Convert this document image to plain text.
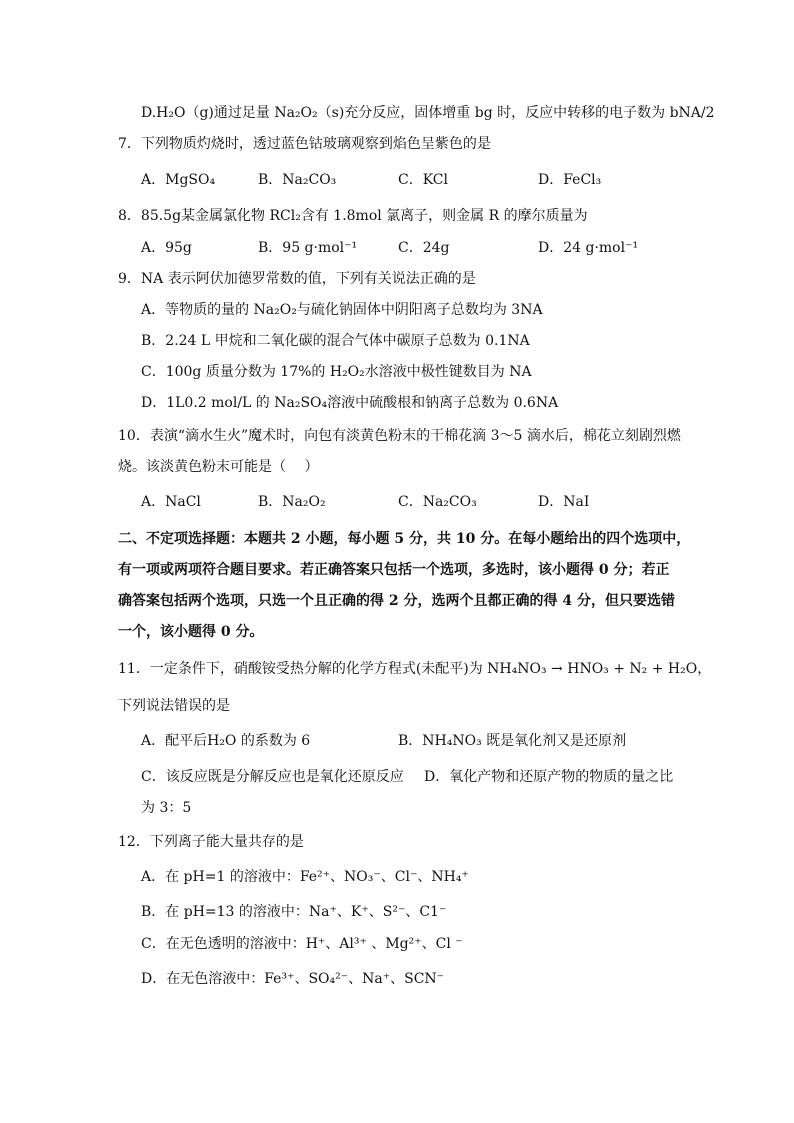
D.H₂O（g)通过足量 Na₂O₂（s)充分反应，固体增重 bg 时，反应中转移的电子数为 bNA/2
7．下列物质灼烧时，透过蓝色钴玻璃观察到焰色呈紫色的是
A．MgSO₄	B．Na₂CO₃	C．KCl	D．FeCl₃
8．85.5g某金属氯化物 RCl₂含有 1.8mol 氯离子，则金属 R 的摩尔质量为
A．95g	B．95 g·mol⁻¹	C．24g	D．24 g·mol⁻¹
9．NA 表示阿伏加德罗常数的值，下列有关说法正确的是
A．等物质的量的 Na₂O₂与硫化钠固体中阴阳离子总数均为 3NA
B．2.24 L 甲烷和二氧化碳的混合气体中碳原子总数为 0.1NA
C．100g 质量分数为 17%的 H₂O₂水溶液中极性键数目为 NA
D．1L0.2 mol/L 的 Na₂SO₄溶液中硫酸根和钠离子总数为 0.6NA
10．表演“滴水生火”魔术时，向包有淡黄色粉末的干棉花滴 3～5 滴水后，棉花立刻剧烈燃
烧。该淡黄色粉末可能是（　 ）
A．NaCl	B．Na₂O₂	C．Na₂CO₃	D．NaI
二、不定项选择题：本题共 2 小题，每小题 5 分，共 10 分。在每小题给出的四个选项中，
有一项或两项符合题目要求。若正确答案只包括一个选项，多选时，该小题得 0 分；若正
确答案包括两个选项，只选一个且正确的得 2 分，选两个且都正确的得 4 分，但只要选错
一个，该小题得 0 分。
11．一定条件下，硝酸铵受热分解的化学方程式(未配平)为 NH₄NO₃ → HNO₃ + N₂ + H₂O，
下列说法错误的是
A．配平后H₂O 的系数为 6	B．NH₄NO₃ 既是氧化剂又是还原剂
C．该反应既是分解反应也是氧化还原反应 D．氧化产物和还原产物的物质的量之比
为 3：5
12．下列离子能大量共存的是
A．在 pH=1 的溶液中：Fe²⁺、NO₃⁻、Cl⁻、NH₄⁺
B．在 pH=13 的溶液中：Na⁺、K⁺、S²⁻、C1⁻
C．在无色透明的溶液中：H⁺、Al³⁺ 、Mg²⁺、Cl ⁻
D．在无色溶液中：Fe³⁺、SO₄²⁻、Na⁺、SCN⁻
